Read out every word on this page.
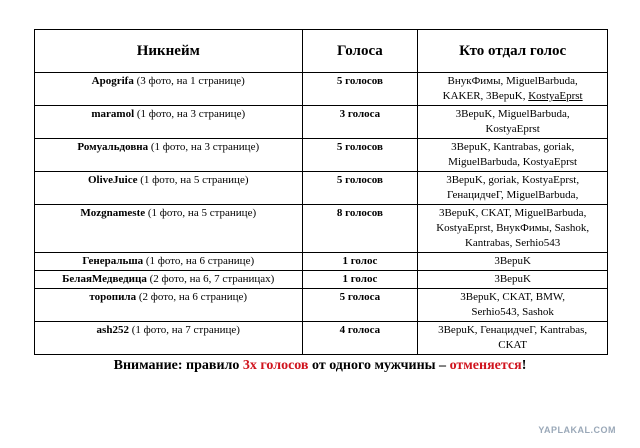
Никнейм	Голоса	Кто отдал голос
Apogrifa (3 фото, на 1 странице)	5 голосов	ВнукФимы, MiguelBarbuda,
KAKER, 3BepuK, KostyaEprst
maramol (1 фото, на 3 странице)	3 голоса	3BepuK, MiguelBarbuda,
KostyaEprst
Ромуальдовна (1 фото, на 3 странице)	5 голосов	3BepuK, Kantrabas, goriak,
MiguelBarbuda, KostyaEprst
OliveJuice (1 фото, на 5 странице)	5 голосов	3BepuK, goriak, KostyaEprst,
ГенацидчеГ, MiguelBarbuda,
Mozgnameste (1 фото, на 5 странице)	8 голосов	3BepuK, CKAT, MiguelBarbuda,
KostyaEprst, ВнукФимы, Sashok,
Kantrabas, Serhio543
Генеральша (1 фото, на 6 странице)	1 голос	3BepuK
БелаяМедведица (2 фото, на 6, 7 страницах)	1 голос	3BepuK
торопила (2 фото, на 6 странице)	5 голоса	3BepuK, CKAT, BMW,
Serhio543, Sashok
ash252 (1 фото, на 7 странице)	4 голоса	3BepuK, ГенацидчеГ, Kantrabas,
CKAT
Внимание: правило 3х голосов от одного мужчины – отменяется!
YAPLAKAL.COM
